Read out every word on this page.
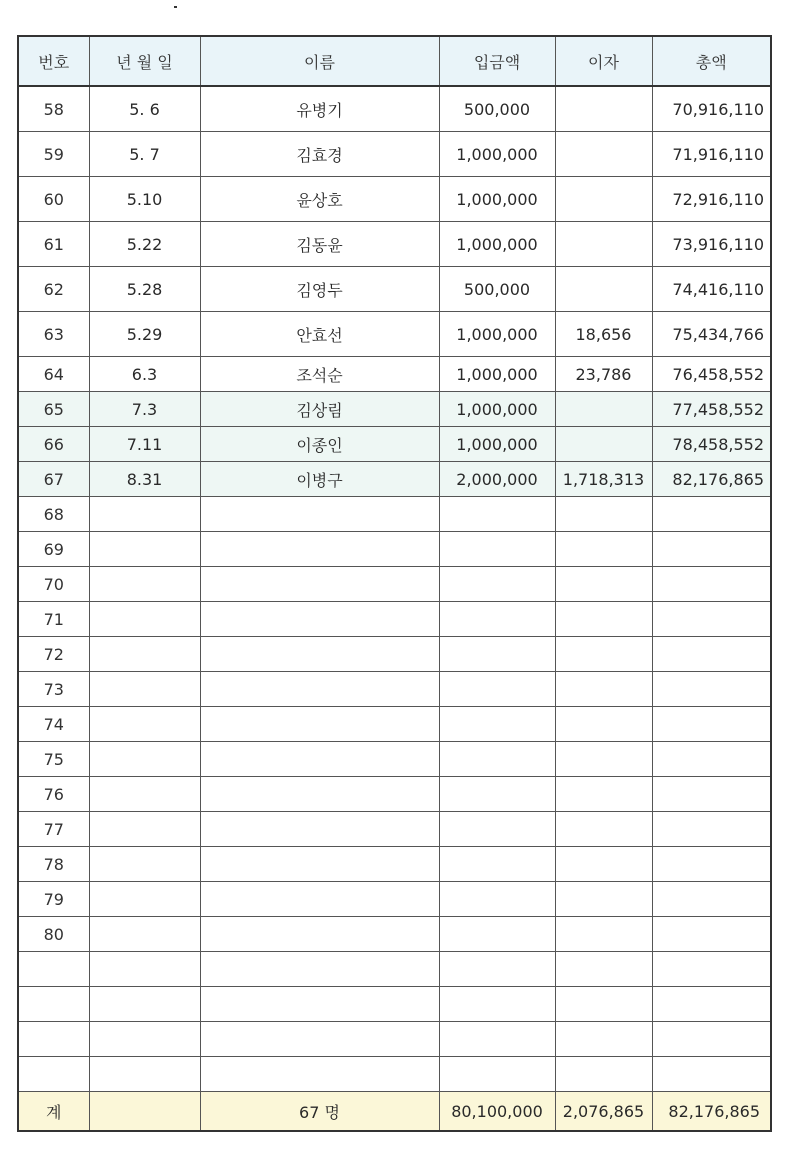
번호	년 월 일	이름	입금액	이자	총액
58	5. 6	유병기	500,000		70,916,110
59	5. 7	김효경	1,000,000		71,916,110
60	5.10	윤상호	1,000,000		72,916,110
61	5.22	김동윤	1,000,000		73,916,110
62	5.28	김영두	500,000		74,416,110
63	5.29	안효선	1,000,000	18,656	75,434,766
64	6.3	조석순	1,000,000	23,786	76,458,552
65	7.3	김상림	1,000,000		77,458,552
66	7.11	이종인	1,000,000		78,458,552
67	8.31	이병구	2,000,000	1,718,313	82,176,865
68					
69					
70					
71					
72					
73					
74					
75					
76					
77					
78					
79					
80					

계		67 명	80,100,000	2,076,865	82,176,865
